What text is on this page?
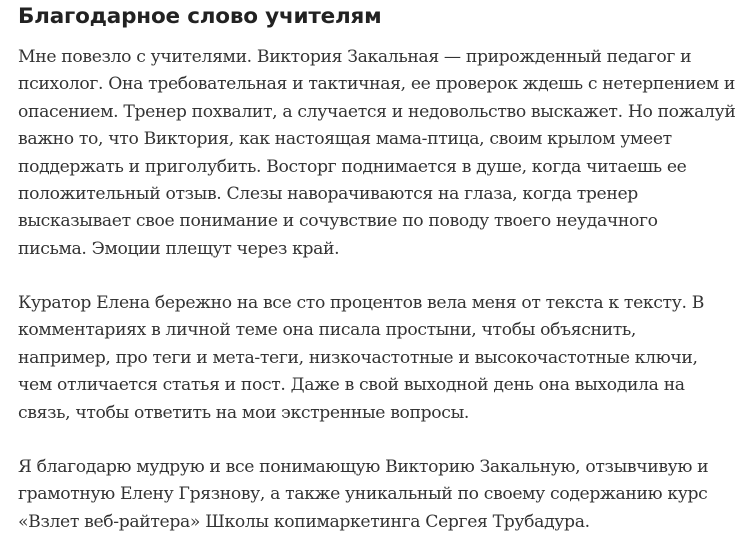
Благодарное слово учителям

Мне повезло с учителями. Виктория Закальная — прирожденный педагог и
психолог. Она требовательная и тактичная, ее проверок ждешь с нетерпением и
опасением. Тренер похвалит, а случается и недовольство выскажет. Но пожалуй
важно то, что Виктория, как настоящая мама-птица, своим крылом умеет
поддержать и приголубить. Восторг поднимается в душе, когда читаешь ее
положительный отзыв. Слезы наворачиваются на глаза, когда тренер
высказывает свое понимание и сочувствие по поводу твоего неудачного
письма. Эмоции плещут через край.

Куратор Елена бережно на все сто процентов вела меня от текста к тексту. В
комментариях в личной теме она писала простыни, чтобы объяснить,
например, про теги и мета-теги, низкочастотные и высокочастотные ключи,
чем отличается статья и пост. Даже в свой выходной день она выходила на
связь, чтобы ответить на мои экстренные вопросы.

Я благодарю мудрую и все понимающую Викторию Закальную, отзывчивую и
грамотную Елену Грязнову, а также уникальный по своему содержанию курс
«Взлет веб-райтера» Школы копимаркетинга Сергея Трубадура.
